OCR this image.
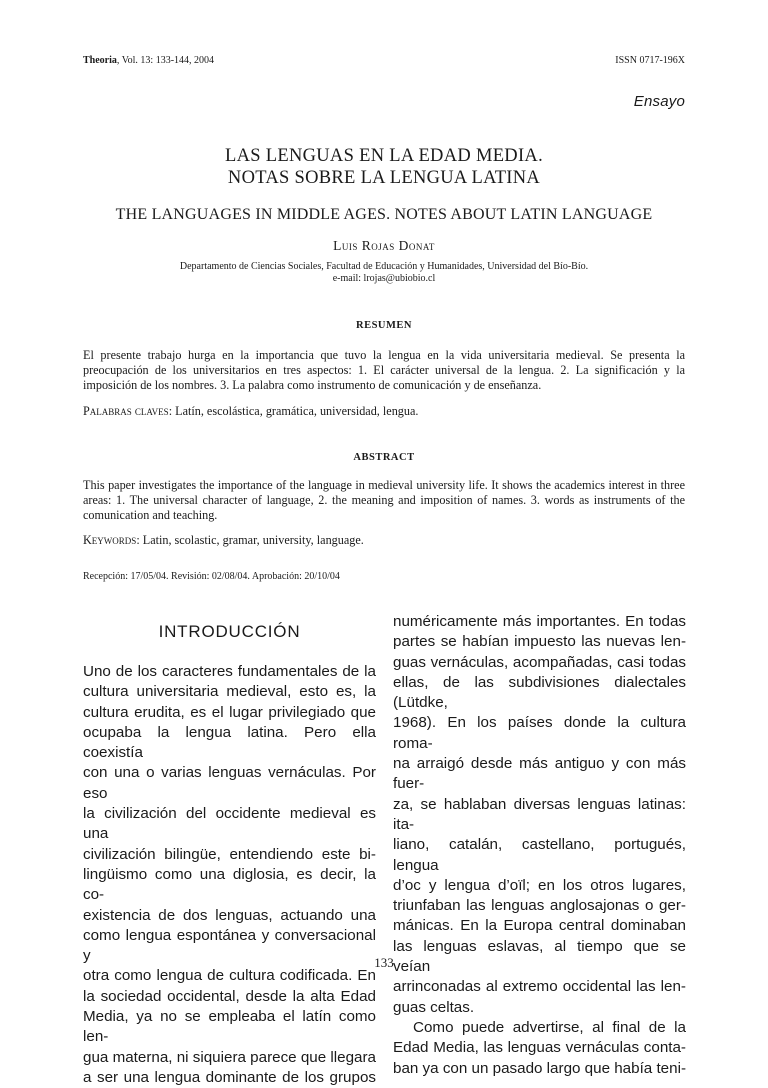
Theoria, Vol. 13: 133-144, 2004	ISSN 0717-196X
Ensayo
LAS LENGUAS EN LA EDAD MEDIA.
NOTAS SOBRE LA LENGUA LATINA
THE LANGUAGES IN MIDDLE AGES. NOTES ABOUT LATIN LANGUAGE
Luis Rojas Donat
Departamento de Ciencias Sociales, Facultad de Educación y Humanidades, Universidad del Bío-Bío.
e-mail: lrojas@ubiobio.cl
RESUMEN
El presente trabajo hurga en la importancia que tuvo la lengua en la vida universitaria medieval. Se presenta la preocupación de los universitarios en tres aspectos: 1. El carácter universal de la lengua. 2. La significación y la imposición de los nombres. 3. La palabra como instrumento de comunicación y de enseñanza.
Palabras claves: Latín, escolástica, gramática, universidad, lengua.
ABSTRACT
This paper investigates the importance of the language in medieval university life. It shows the academics interest in three areas: 1. The universal character of language, 2. the meaning and imposition of names. 3. words as instruments of the comunication and teaching.
Keywords: Latin, scolastic, gramar, university, language.
Recepción: 17/05/04. Revisión: 02/08/04. Aprobación: 20/10/04
INTRODUCCIÓN
Uno de los caracteres fundamentales de la
cultura universitaria medieval, esto es, la
cultura erudita, es el lugar privilegiado que
ocupaba la lengua latina. Pero ella coexistía
con una o varias lenguas vernáculas. Por eso
la civilización del occidente medieval es una
civilización bilingüe, entendiendo este bi-
lingüismo como una diglosia, es decir, la co-
existencia de dos lenguas, actuando una
como lengua espontánea y conversacional y
otra como lengua de cultura codificada. En
la sociedad occidental, desde la alta Edad
Media, ya no se empleaba el latín como len-
gua materna, ni siquiera parece que llegara
a ser una lengua dominante de los grupos
numéricamente más importantes. En todas
partes se habían impuesto las nuevas len-
guas vernáculas, acompañadas, casi todas
ellas, de las subdivisiones dialectales (Lütdke,
1968). En los países donde la cultura roma-
na arraigó desde más antiguo y con más fuer-
za, se hablaban diversas lenguas latinas: ita-
liano, catalán, castellano, portugués, lengua
d’oc y lengua d’oïl; en los otros lugares,
triunfaban las lenguas anglosajonas o ger-
mánicas. En la Europa central dominaban
las lenguas eslavas, al tiempo que se veían
arrinconadas al extremo occidental las len-
guas celtas.
Como puede advertirse, al final de la
Edad Media, las lenguas vernáculas conta-
ban ya con un pasado largo que había teni-
133
